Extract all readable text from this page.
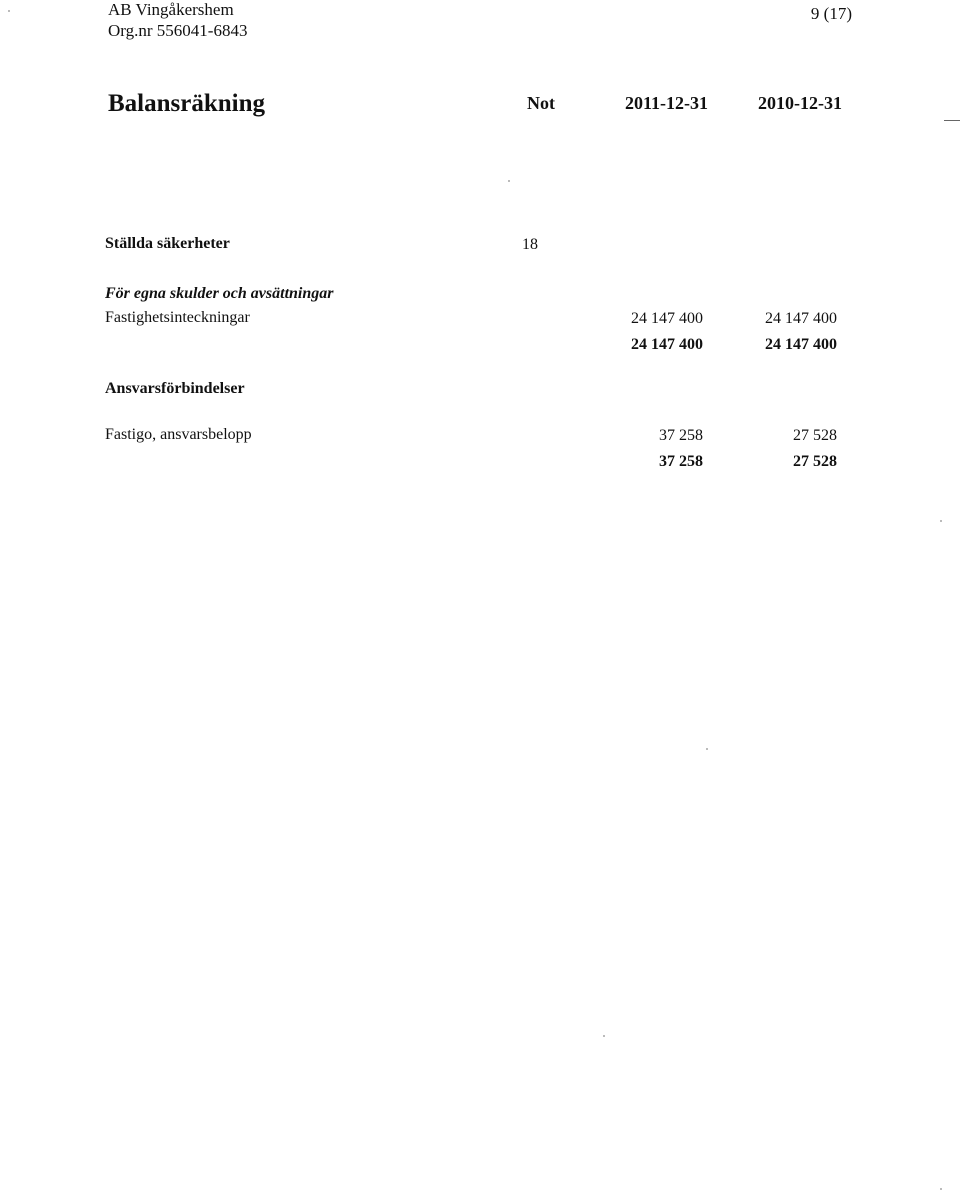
AB Vingåkershem
Org.nr 556041-6843
9 (17)
Balansräkning	Not	2011-12-31	2010-12-31
Ställda säkerheter	18
För egna skulder och avsättningar
Fastighetsinteckningar	24 147 400	24 147 400
24 147 400	24 147 400
Ansvarsförbindelser
Fastigo, ansvarsbelopp	37 258	27 528
37 258	27 528
